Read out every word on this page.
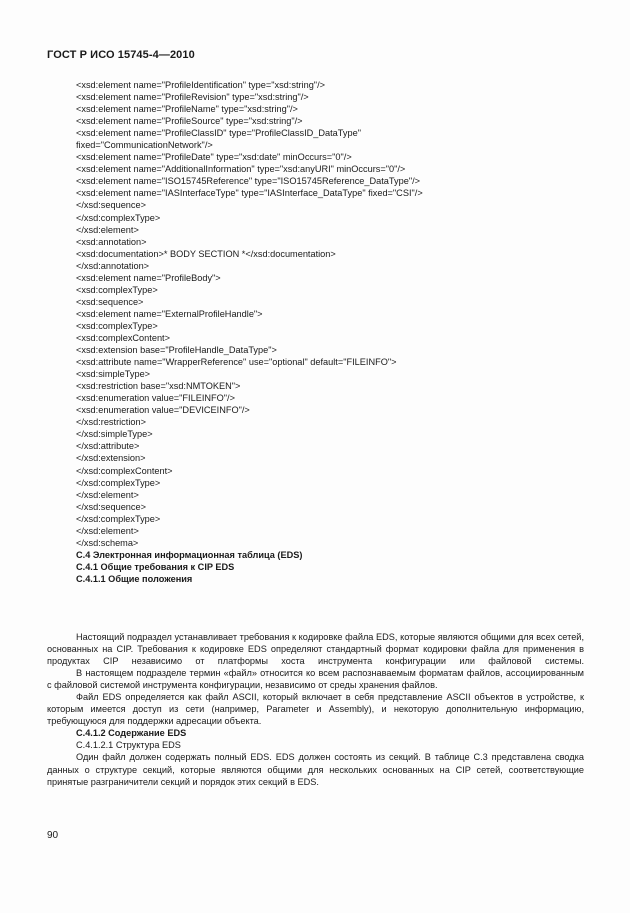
ГОСТ Р ИСО 15745-4—2010
<xsd:element name="ProfileIdentification" type="xsd:string"/>
<xsd:element name="ProfileRevision" type="xsd:string"/>
<xsd:element name="ProfileName" type="xsd:string"/>
<xsd:element name="ProfileSource" type="xsd:string"/>
<xsd:element name="ProfileClassID" type="ProfileClassID_DataType"
fixed="CommunicationNetwork"/>
<xsd:element name="ProfileDate" type="xsd:date" minOccurs="0"/>
<xsd:element name="AdditionalInformation" type="xsd:anyURI" minOccurs="0"/>
<xsd:element name="ISO15745Reference" type="ISO15745Reference_DataType"/>
<xsd:element name="IASInterfaceType" type="IASInterface_DataType" fixed="CSI"/>
</xsd:sequence>
</xsd:complexType>
</xsd:element>
<xsd:annotation>
<xsd:documentation>* BODY SECTION *</xsd:documentation>
</xsd:annotation>
<xsd:element name="ProfileBody">
<xsd:complexType>
<xsd:sequence>
<xsd:element name="ExternalProfileHandle">
<xsd:complexType>
<xsd:complexContent>
<xsd:extension base="ProfileHandle_DataType">
<xsd:attribute name="WrapperReference" use="optional" default="FILEINFO">
<xsd:simpleType>
<xsd:restriction base="xsd:NMTOKEN">
<xsd:enumeration value="FILEINFO"/>
<xsd:enumeration value="DEVICEINFO"/>
</xsd:restriction>
</xsd:simpleType>
</xsd:attribute>
</xsd:extension>
</xsd:complexContent>
</xsd:complexType>
</xsd:element>
</xsd:sequence>
</xsd:complexType>
</xsd:element>
</xsd:schema>
С.4 Электронная информационная таблица (EDS)
С.4.1 Общие требования к CIP EDS
С.4.1.1 Общие положения

Настоящий подраздел устанавливает требования к кодировке файла EDS, которые являются общими для всех сетей, основанных на CIP. Требования к кодировке EDS определяют стандартный формат кодировки файла для применения в продуктах CIP независимо от платформы хоста инструмента конфигурации или файловой системы.

В настоящем подразделе термин «файл» относится ко всем распознаваемым форматам файлов, ассоциированным с файловой системой инструмента конфигурации, независимо от среды хранения файлов.

Файл EDS определяется как файл ASCII, который включает в себя представление ASCII объектов в устройстве, к которым имеется доступ из сети (например, Parameter и Assembly), и некоторую дополнительную информацию, требующуюся для поддержки адресации объекта.

С.4.1.2 Содержание EDS
С.4.1.2.1 Структура EDS

Один файл должен содержать полный EDS. EDS должен состоять из секций. В таблице С.3 представлена сводка данных о структуре секций, которые являются общими для нескольких основанных на CIP сетей, соответствующие принятые разграничители секций и порядок этих секций в EDS.

90
